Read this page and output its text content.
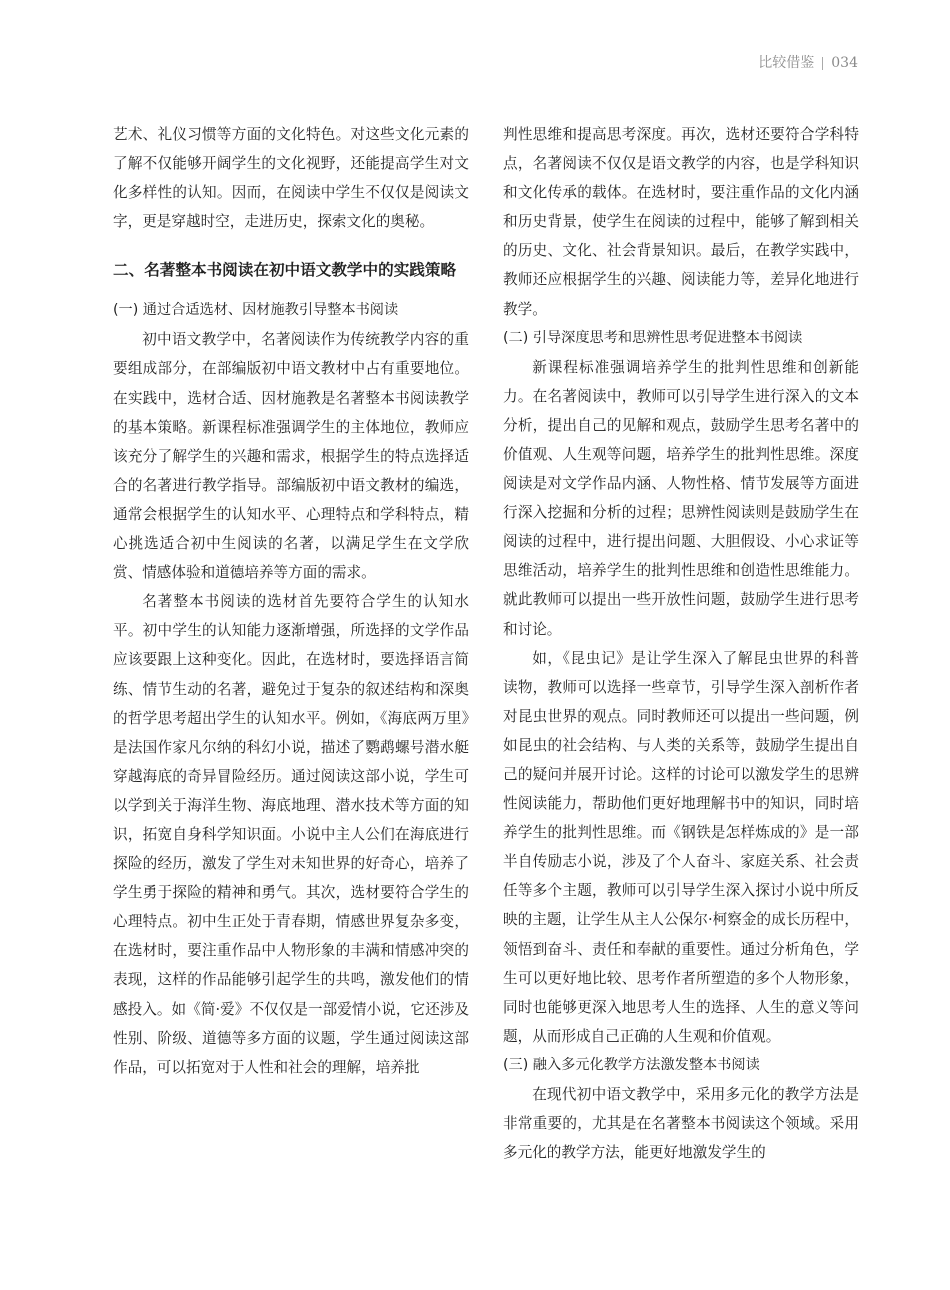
比较借鉴 034

艺术、礼仪习惯等方面的文化特色。对这些文化元素的了解不仅能够开阔学生的文化视野，还能提高学生对文化多样性的认知。因而，在阅读中学生不仅仅是阅读文字，更是穿越时空，走进历史，探索文化的奥秘。

二、名著整本书阅读在初中语文教学中的实践策略
(一) 通过合适选材、因材施教引导整本书阅读

初中语文教学中，名著阅读作为传统教学内容的重要组成部分，在部编版初中语文教材中占有重要地位。在实践中，选材合适、因材施教是名著整本书阅读教学的基本策略。新课程标准强调学生的主体地位，教师应该充分了解学生的兴趣和需求，根据学生的特点选择适合的名著进行教学指导。部编版初中语文教材的编选，通常会根据学生的认知水平、心理特点和学科特点，精心挑选适合初中生阅读的名著，以满足学生在文学欣赏、情感体验和道德培养等方面的需求。

名著整本书阅读的选材首先要符合学生的认知水平。初中学生的认知能力逐渐增强，所选择的文学作品应该要跟上这种变化。因此，在选材时，要选择语言简练、情节生动的名著，避免过于复杂的叙述结构和深奥的哲学思考超出学生的认知水平。例如，《海底两万里》是法国作家凡尔纳的科幻小说，描述了鹦鹉螺号潜水艇穿越海底的奇异冒险经历。通过阅读这部小说，学生可以学到关于海洋生物、海底地理、潜水技术等方面的知识，拓宽自身科学知识面。小说中主人公们在海底进行探险的经历，激发了学生对未知世界的好奇心，培养了学生勇于探险的精神和勇气。其次，选材要符合学生的心理特点。初中生正处于青春期，情感世界复杂多变，在选材时，要注重作品中人物形象的丰满和情感冲突的表现，这样的作品能够引起学生的共鸣，激发他们的情感投入。如《简·爱》不仅仅是一部爱情小说，它还涉及性别、阶级、道德等多方面的议题，学生通过阅读这部作品，可以拓宽对于人性和社会的理解，培养批

判性思维和提高思考深度。再次，选材还要符合学科特点，名著阅读不仅仅是语文教学的内容，也是学科知识和文化传承的载体。在选材时，要注重作品的文化内涵和历史背景，使学生在阅读的过程中，能够了解到相关的历史、文化、社会背景知识。最后，在教学实践中，教师还应根据学生的兴趣、阅读能力等，差异化地进行教学。

(二) 引导深度思考和思辨性思考促进整本书阅读

新课程标准强调培养学生的批判性思维和创新能力。在名著阅读中，教师可以引导学生进行深入的文本分析，提出自己的见解和观点，鼓励学生思考名著中的价值观、人生观等问题，培养学生的批判性思维。深度阅读是对文学作品内涵、人物性格、情节发展等方面进行深入挖掘和分析的过程；思辨性阅读则是鼓励学生在阅读的过程中，进行提出问题、大胆假设、小心求证等思维活动，培养学生的批判性思维和创造性思维能力。就此教师可以提出一些开放性问题，鼓励学生进行思考和讨论。

如，《昆虫记》是让学生深入了解昆虫世界的科普读物，教师可以选择一些章节，引导学生深入剖析作者对昆虫世界的观点。同时教师还可以提出一些问题，例如昆虫的社会结构、与人类的关系等，鼓励学生提出自己的疑问并展开讨论。这样的讨论可以激发学生的思辨性阅读能力，帮助他们更好地理解书中的知识，同时培养学生的批判性思维。而《钢铁是怎样炼成的》是一部半自传励志小说，涉及了个人奋斗、家庭关系、社会责任等多个主题，教师可以引导学生深入探讨小说中所反映的主题，让学生从主人公保尔·柯察金的成长历程中，领悟到奋斗、责任和奉献的重要性。通过分析角色，学生可以更好地比较、思考作者所塑造的多个人物形象，同时也能够更深入地思考人生的选择、人生的意义等问题，从而形成自己正确的人生观和价值观。

(三) 融入多元化教学方法激发整本书阅读

在现代初中语文教学中，采用多元化的教学方法是非常重要的，尤其是在名著整本书阅读这个领域。采用多元化的教学方法，能更好地激发学生的
